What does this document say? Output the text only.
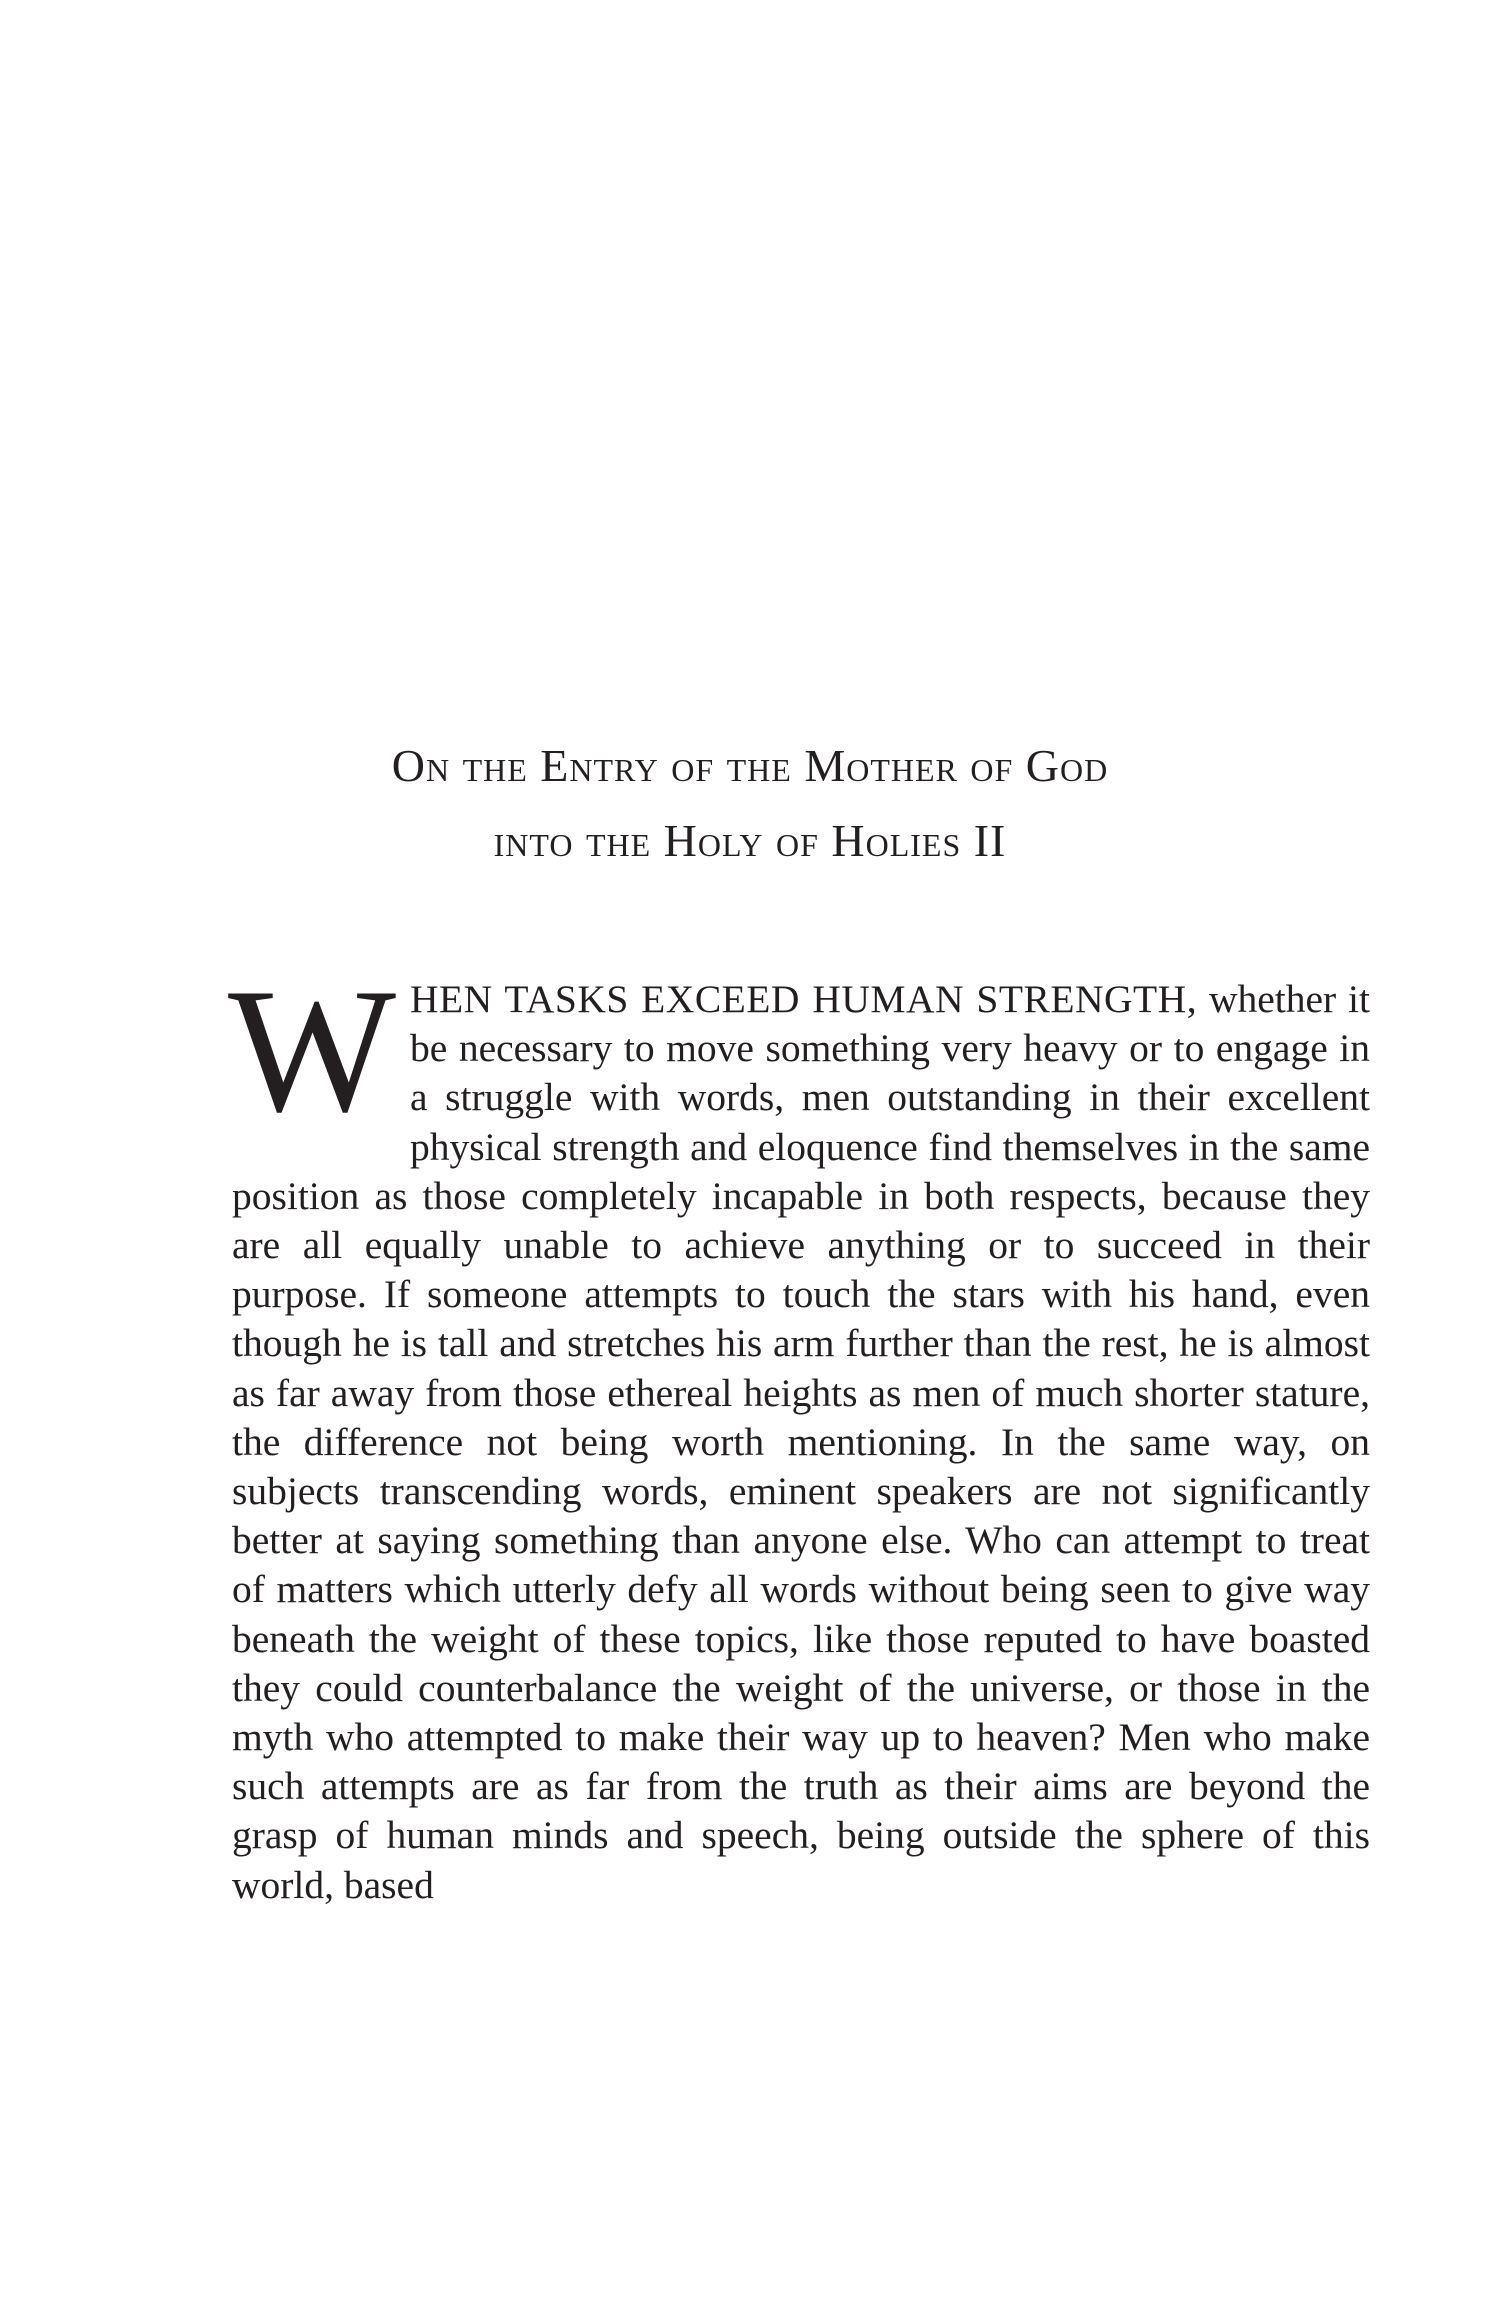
On the Entry of the Mother of God
into the Holy of Holies II

WHEN TASKS EXCEED HUMAN STRENGTH, whether it be necessary to move something very heavy or to engage in a struggle with words, men outstanding in their excellent physical strength and eloquence find themselves in the same position as those completely incapable in both respects, because they are all equally unable to achieve anything or to succeed in their purpose. If someone attempts to touch the stars with his hand, even though he is tall and stretches his arm further than the rest, he is almost as far away from those ethereal heights as men of much shorter stature, the difference not being worth mentioning. In the same way, on subjects transcending words, eminent speakers are not significantly better at saying something than anyone else. Who can attempt to treat of matters which utterly defy all words without being seen to give way beneath the weight of these topics, like those reputed to have boasted they could counterbalance the weight of the universe, or those in the myth who attempted to make their way up to heaven? Men who make such attempts are as far from the truth as their aims are beyond the grasp of human minds and speech, being outside the sphere of this world, based
